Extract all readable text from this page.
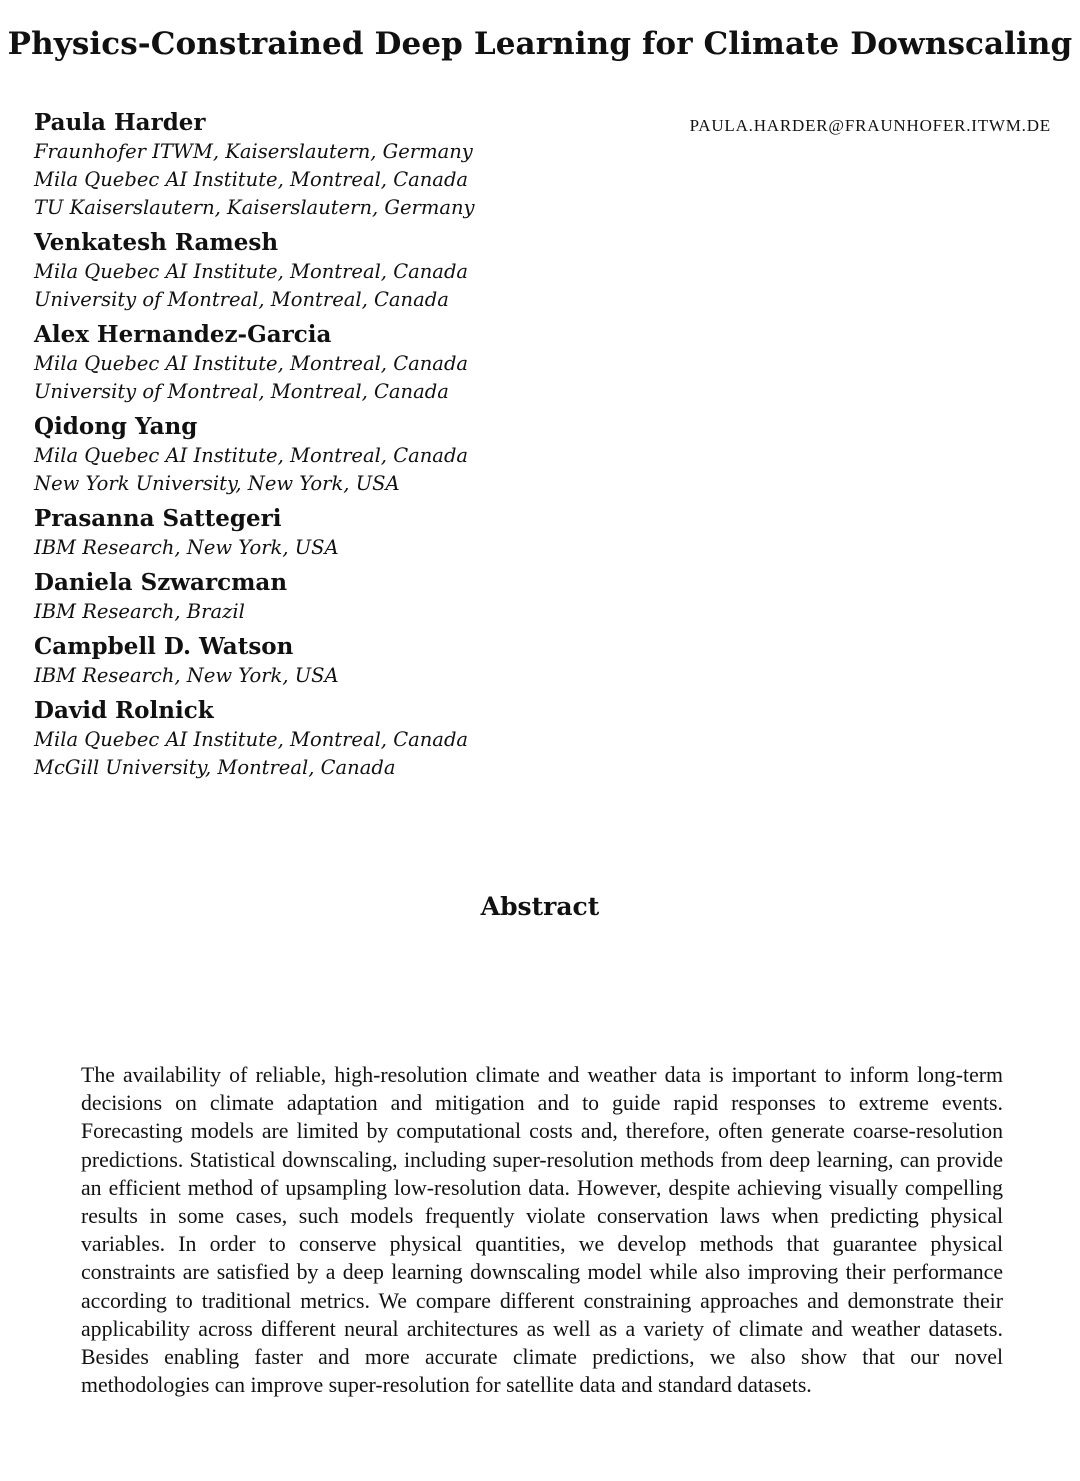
Physics-Constrained Deep Learning for Climate Downscaling
PAULA.HARDER@FRAUNHOFER.ITWM.DE
Paula Harder
Fraunhofer ITWM, Kaiserslautern, Germany
Mila Quebec AI Institute, Montreal, Canada
TU Kaiserslautern, Kaiserslautern, Germany
Venkatesh Ramesh
Mila Quebec AI Institute, Montreal, Canada
University of Montreal, Montreal, Canada
Alex Hernandez-Garcia
Mila Quebec AI Institute, Montreal, Canada
University of Montreal, Montreal, Canada
Qidong Yang
Mila Quebec AI Institute, Montreal, Canada
New York University, New York, USA
Prasanna Sattegeri
IBM Research, New York, USA
Daniela Szwarcman
IBM Research, Brazil
Campbell D. Watson
IBM Research, New York, USA
David Rolnick
Mila Quebec AI Institute, Montreal, Canada
McGill University, Montreal, Canada
Abstract
The availability of reliable, high-resolution climate and weather data is important to inform long-term decisions on climate adaptation and mitigation and to guide rapid responses to extreme events. Forecasting models are limited by computational costs and, therefore, often generate coarse-resolution predictions. Statistical downscaling, including super-resolution methods from deep learning, can provide an efficient method of upsampling low-resolution data. However, despite achieving visually compelling results in some cases, such models frequently violate conservation laws when predicting physical variables. In order to conserve physical quantities, we develop methods that guarantee physical constraints are satisfied by a deep learning downscaling model while also improving their performance according to traditional metrics. We compare different constraining approaches and demonstrate their applicability across different neural architectures as well as a variety of climate and weather datasets. Besides enabling faster and more accurate climate predictions, we also show that our novel methodologies can improve super-resolution for satellite data and standard datasets.
